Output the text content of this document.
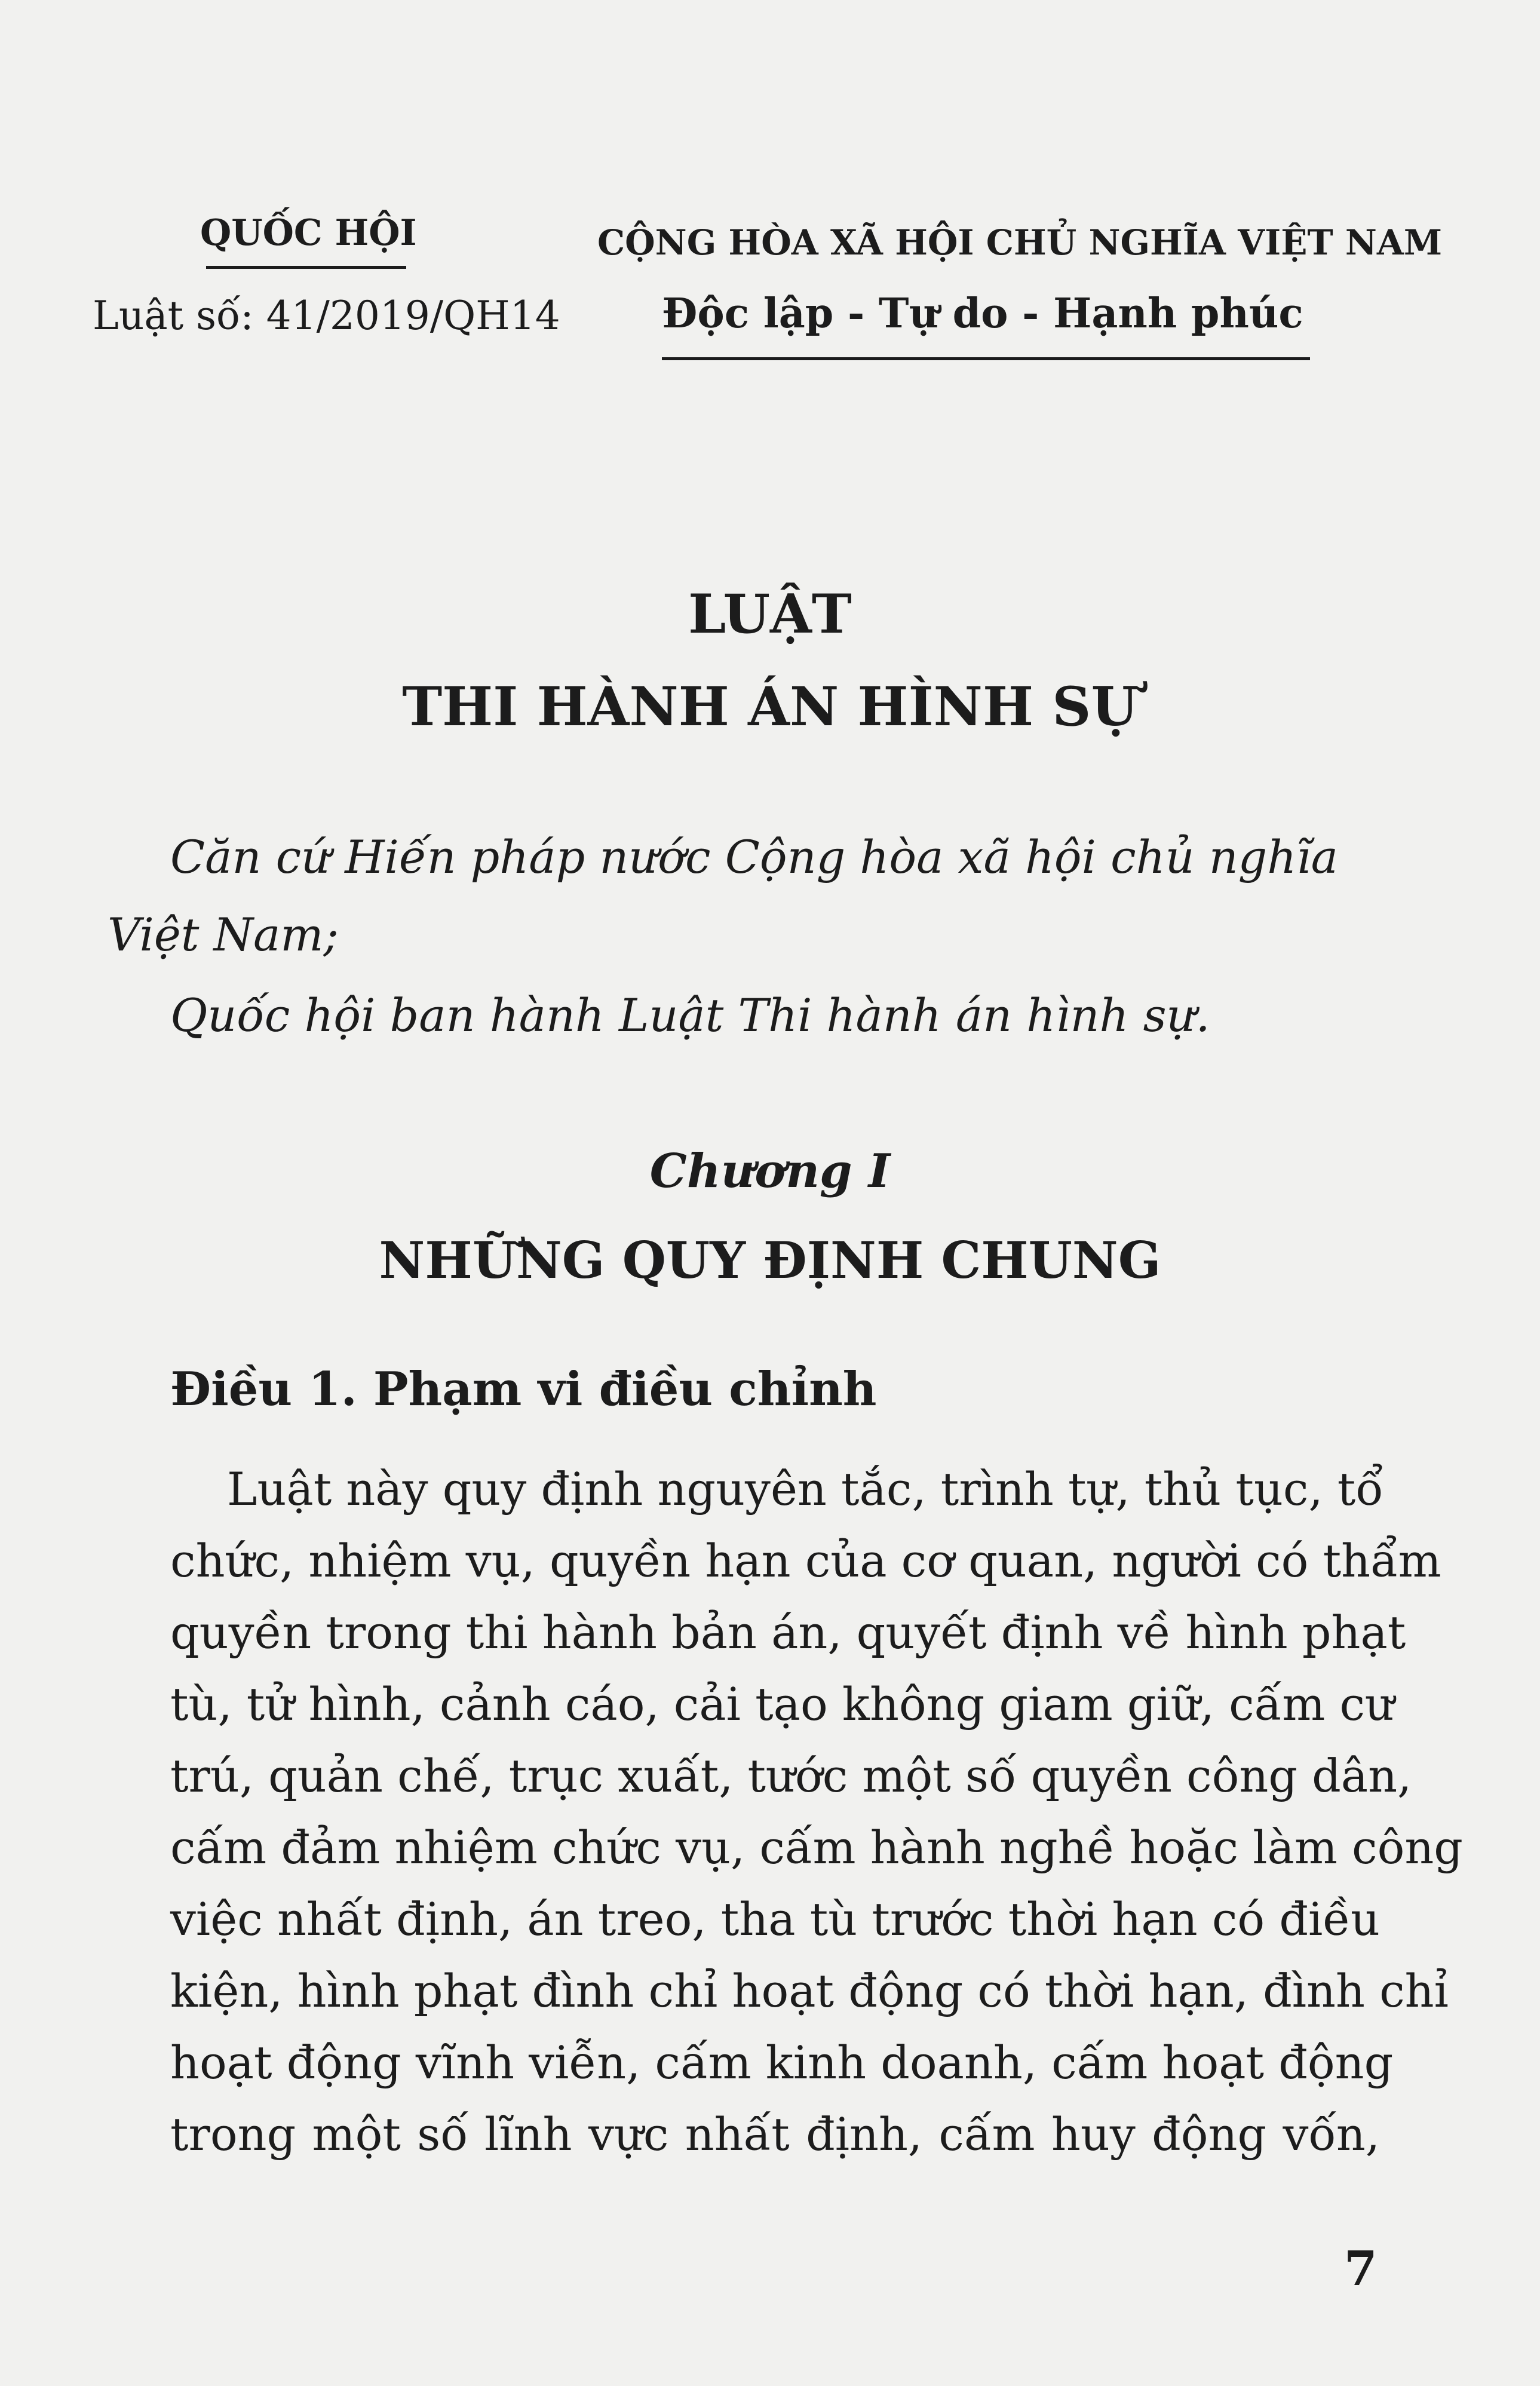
QUỐC HỘI
Luật số: 41/2019/QH14
CỘNG HÒA XÃ HỘI CHỦ NGHĨA VIỆT NAM
Độc lập - Tự do - Hạnh phúc
LUẬT
THI HÀNH ÁN HÌNH SỰ
Căn cứ Hiến pháp nước Cộng hòa xã hội chủ nghĩa
Việt Nam;
Quốc hội ban hành Luật Thi hành án hình sự.
Chương I
NHỮNG QUY ĐỊNH CHUNG
Điều 1. Phạm vi điều chỉnh
Luật này quy định nguyên tắc, trình tự, thủ tục, tổ
chức, nhiệm vụ, quyền hạn của cơ quan, người có thẩm
quyền trong thi hành bản án, quyết định về hình phạt
tù, tử hình, cảnh cáo, cải tạo không giam giữ, cấm cư
trú, quản chế, trục xuất, tước một số quyền công dân,
cấm đảm nhiệm chức vụ, cấm hành nghề hoặc làm công
việc nhất định, án treo, tha tù trước thời hạn có điều
kiện, hình phạt đình chỉ hoạt động có thời hạn, đình chỉ
hoạt động vĩnh viễn, cấm kinh doanh, cấm hoạt động
trong một số lĩnh vực nhất định, cấm huy động vốn,
7
